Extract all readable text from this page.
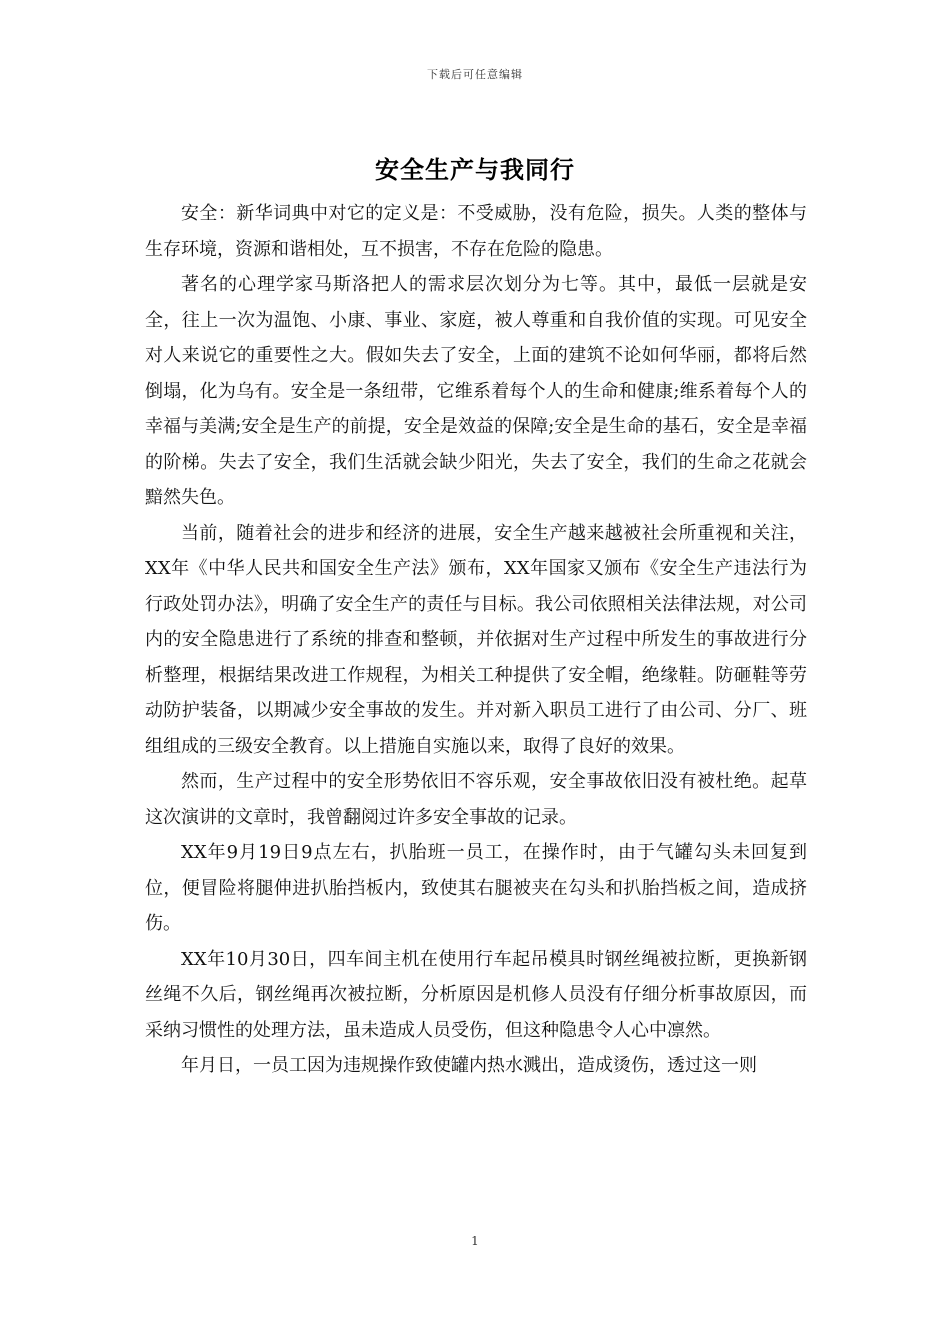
下载后可任意编辑
安全生产与我同行

安全：新华词典中对它的定义是：不受威胁，没有危险，损失。人类的整体与生存环境，资源和谐相处，互不损害，不存在危险的隐患。

著名的心理学家马斯洛把人的需求层次划分为七等。其中，最低一层就是安全，往上一次为温饱、小康、事业、家庭，被人尊重和自我价值的实现。可见安全对人来说它的重要性之大。假如失去了安全，上面的建筑不论如何华丽，都将后然倒塌，化为乌有。安全是一条纽带，它维系着每个人的生命和健康;维系着每个人的幸福与美满;安全是生产的前提，安全是效益的保障;安全是生命的基石，安全是幸福的阶梯。失去了安全，我们生活就会缺少阳光，失去了安全，我们的生命之花就会黯然失色。

当前，随着社会的进步和经济的进展，安全生产越来越被社会所重视和关注，XX年《中华人民共和国安全生产法》颁布，XX年国家又颁布《安全生产违法行为行政处罚办法》，明确了安全生产的责任与目标。我公司依照相关法律法规，对公司内的安全隐患进行了系统的排查和整顿，并依据对生产过程中所发生的事故进行分析整理，根据结果改进工作规程，为相关工种提供了安全帽，绝缘鞋。防砸鞋等劳动防护装备，以期减少安全事故的发生。并对新入职员工进行了由公司、分厂、班组组成的三级安全教育。以上措施自实施以来，取得了良好的效果。

然而，生产过程中的安全形势依旧不容乐观，安全事故依旧没有被杜绝。起草这次演讲的文章时，我曾翻阅过许多安全事故的记录。

XX年9月19日9点左右，扒胎班一员工，在操作时，由于气罐勾头未回复到位，便冒险将腿伸进扒胎挡板内，致使其右腿被夹在勾头和扒胎挡板之间，造成挤伤。

XX年10月30日，四车间主机在使用行车起吊模具时钢丝绳被拉断，更换新钢丝绳不久后，钢丝绳再次被拉断，分析原因是机修人员没有仔细分析事故原因，而采纳习惯性的处理方法，虽未造成人员受伤，但这种隐患令人心中凛然。

年月日，一员工因为违规操作致使罐内热水溅出，造成烫伤，透过这一则

1
